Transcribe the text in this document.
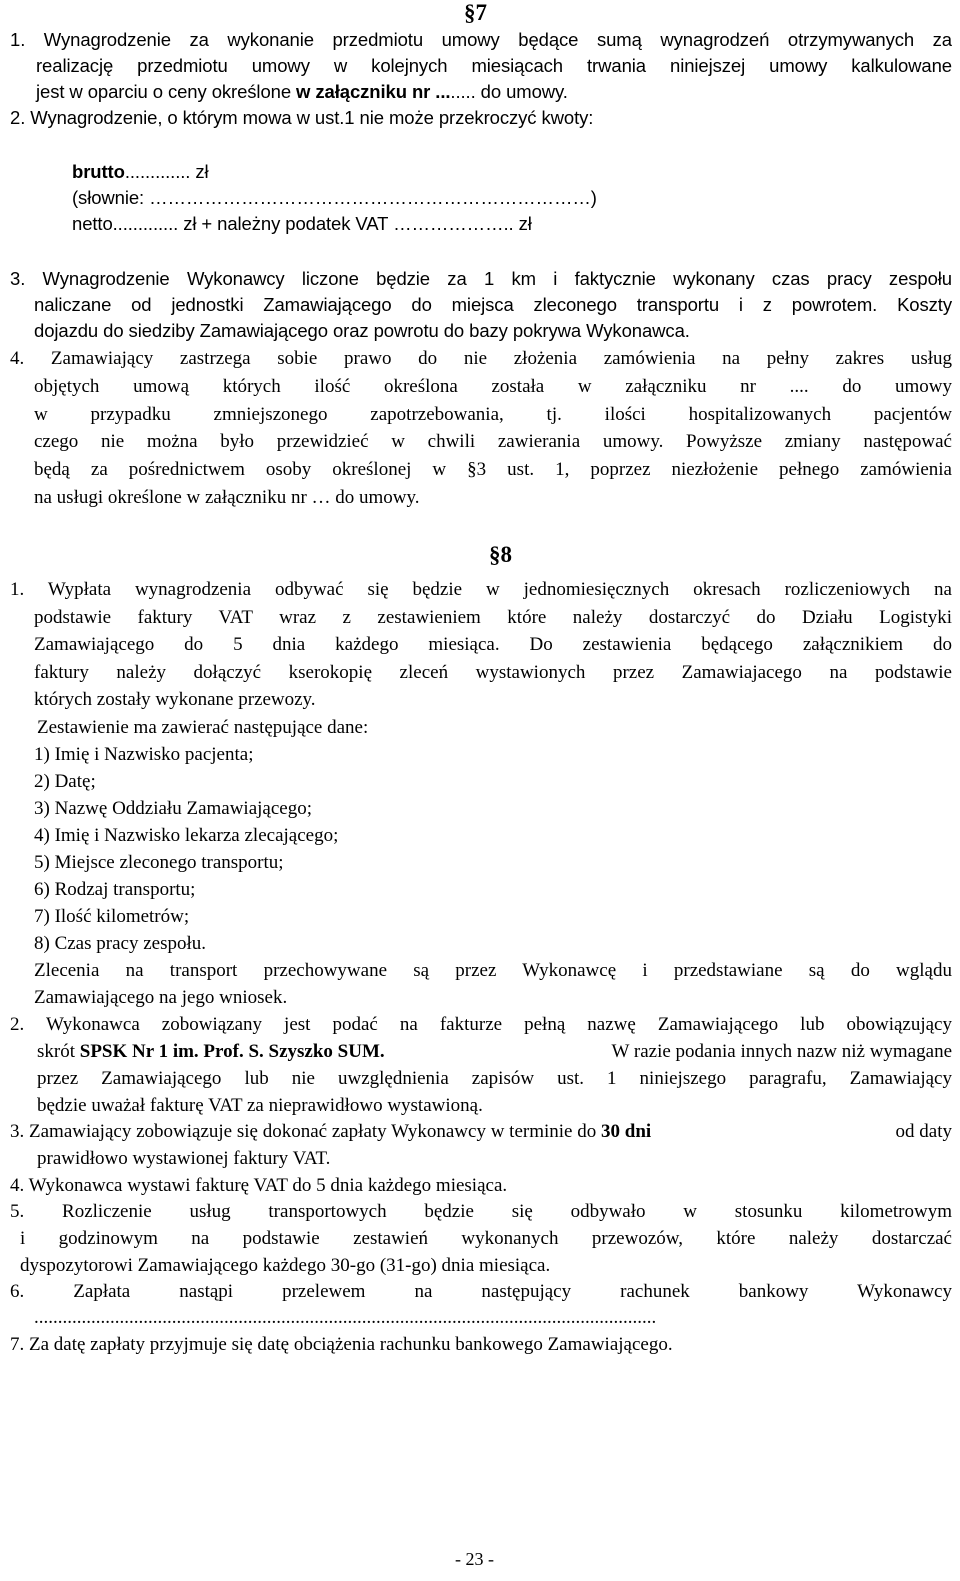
§7
1. Wynagrodzenie za wykonanie przedmiotu umowy będące sumą wynagrodzeń otrzymywanych za
realizację przedmiotu umowy w kolejnych miesiącach trwania niniejszej umowy kalkulowane
jest w oparciu o ceny określone w załączniku nr ........ do umowy.
2. Wynagrodzenie, o którym mowa w ust.1 nie może przekroczyć kwoty:
brutto............. zł
(słownie: ………………………………………………………………)
netto............. zł + należny podatek VAT ……………….. zł
3. Wynagrodzenie Wykonawcy liczone będzie za 1 km i faktycznie wykonany czas pracy zespołu
naliczane od jednostki Zamawiającego do miejsca zleconego transportu i z powrotem. Koszty
dojazdu do siedziby Zamawiającego oraz powrotu do bazy pokrywa Wykonawca.
4. Zamawiający zastrzega sobie prawo do nie złożenia zamówienia na pełny zakres usług
objętych umową których ilość określona została w załączniku nr .... do umowy
w przypadku zmniejszonego zapotrzebowania, tj. ilości hospitalizowanych pacjentów
czego nie można było przewidzieć w chwili zawierania umowy. Powyższe zmiany następować
będą za pośrednictwem osoby określonej w §3 ust. 1, poprzez niezłożenie pełnego zamówienia
na usługi określone w załączniku nr … do umowy.
§8
1. Wypłata wynagrodzenia odbywać się będzie w jednomiesięcznych okresach rozliczeniowych na
podstawie faktury VAT wraz z zestawieniem które należy dostarczyć do Działu Logistyki
Zamawiającego do 5 dnia każdego miesiąca. Do zestawienia będącego załącznikiem do
faktury należy dołączyć kserokopię zleceń wystawionych przez Zamawiajacego na podstawie
których zostały wykonane przewozy.
Zestawienie ma zawierać następujące dane:
1) Imię i Nazwisko pacjenta;
2) Datę;
3) Nazwę Oddziału Zamawiającego;
4) Imię i Nazwisko lekarza zlecającego;
5) Miejsce zleconego transportu;
6) Rodzaj transportu;
7) Ilość kilometrów;
8) Czas pracy zespołu.
Zlecenia na transport przechowywane są przez Wykonawcę i przedstawiane są do wglądu
Zamawiającego na jego wniosek.
2. Wykonawca zobowiązany jest podać na fakturze pełną nazwę Zamawiającego lub obowiązujący
skrót SPSK Nr 1 im. Prof. S. Szyszko SUM.	W razie podania innych nazw niż wymagane
przez Zamawiającego lub nie uwzględnienia zapisów ust. 1 niniejszego paragrafu, Zamawiający
będzie uważał fakturę VAT za nieprawidłowo wystawioną.
3. Zamawiający zobowiązuje się dokonać zapłaty Wykonawcy w terminie do 30 dni	od daty
prawidłowo wystawionej faktury VAT.
4. Wykonawca wystawi fakturę VAT do 5 dnia każdego miesiąca.
5. Rozliczenie usług transportowych będzie się odbywało w stosunku kilometrowym
i godzinowym na podstawie zestawień wykonanych przewozów, które należy dostarczać
dyspozytorowi Zamawiającego każdego 30-go (31-go) dnia miesiąca.
6. Zapłata nastąpi przelewem na następujący rachunek bankowy Wykonawcy
...................................................................................................................................
7. Za datę zapłaty przyjmuje się datę obciążenia rachunku bankowego Zamawiającego.
- 23 -
